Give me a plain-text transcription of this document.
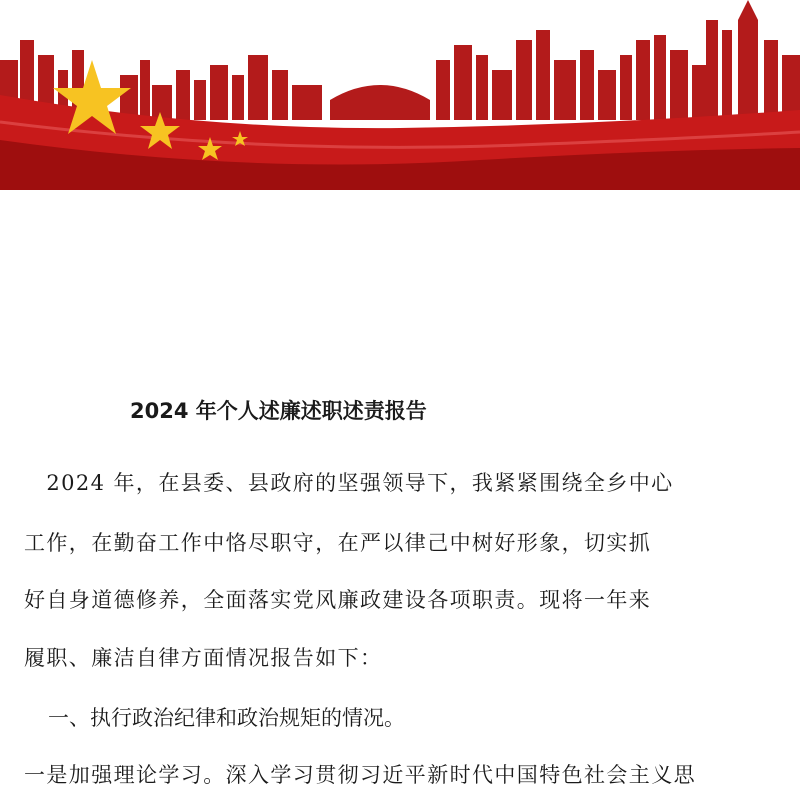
2024 年个人述廉述职述责报告
　2024 年，在县委、县政府的坚强领导下，我紧紧围绕全乡中心
工作，在勤奋工作中恪尽职守，在严以律己中树好形象，切实抓
好自身道德修养，全面落实党风廉政建设各项职责。现将一年来
履职、廉洁自律方面情况报告如下：
一、执行政治纪律和政治规矩的情况。
一是加强理论学习。深入学习贯彻习近平新时代中国特色社会主义思
